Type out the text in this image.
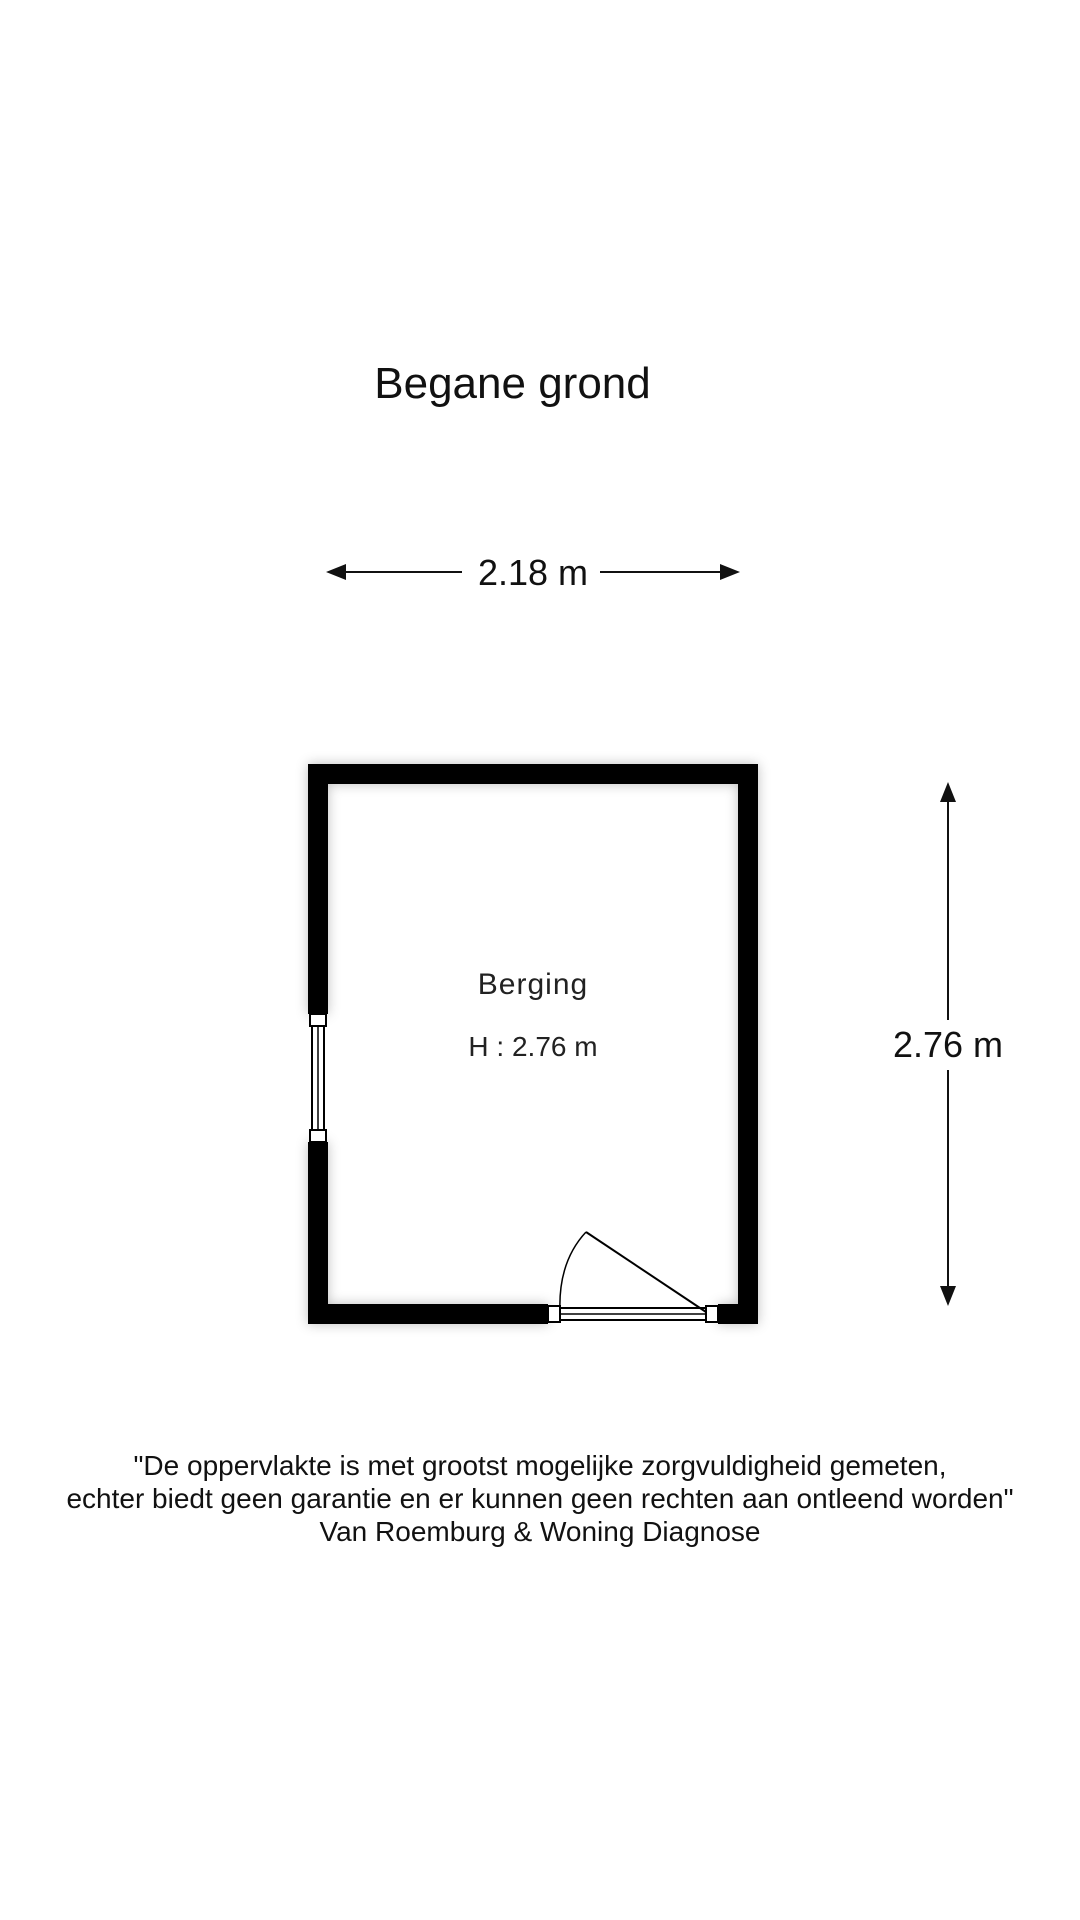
Begane grond
2.18 m
2.76 m
Berging
H : 2.76 m
"De oppervlakte is met grootst mogelijke zorgvuldigheid gemeten,
echter biedt geen garantie en er kunnen geen rechten aan ontleend worden"
Van Roemburg & Woning Diagnose
